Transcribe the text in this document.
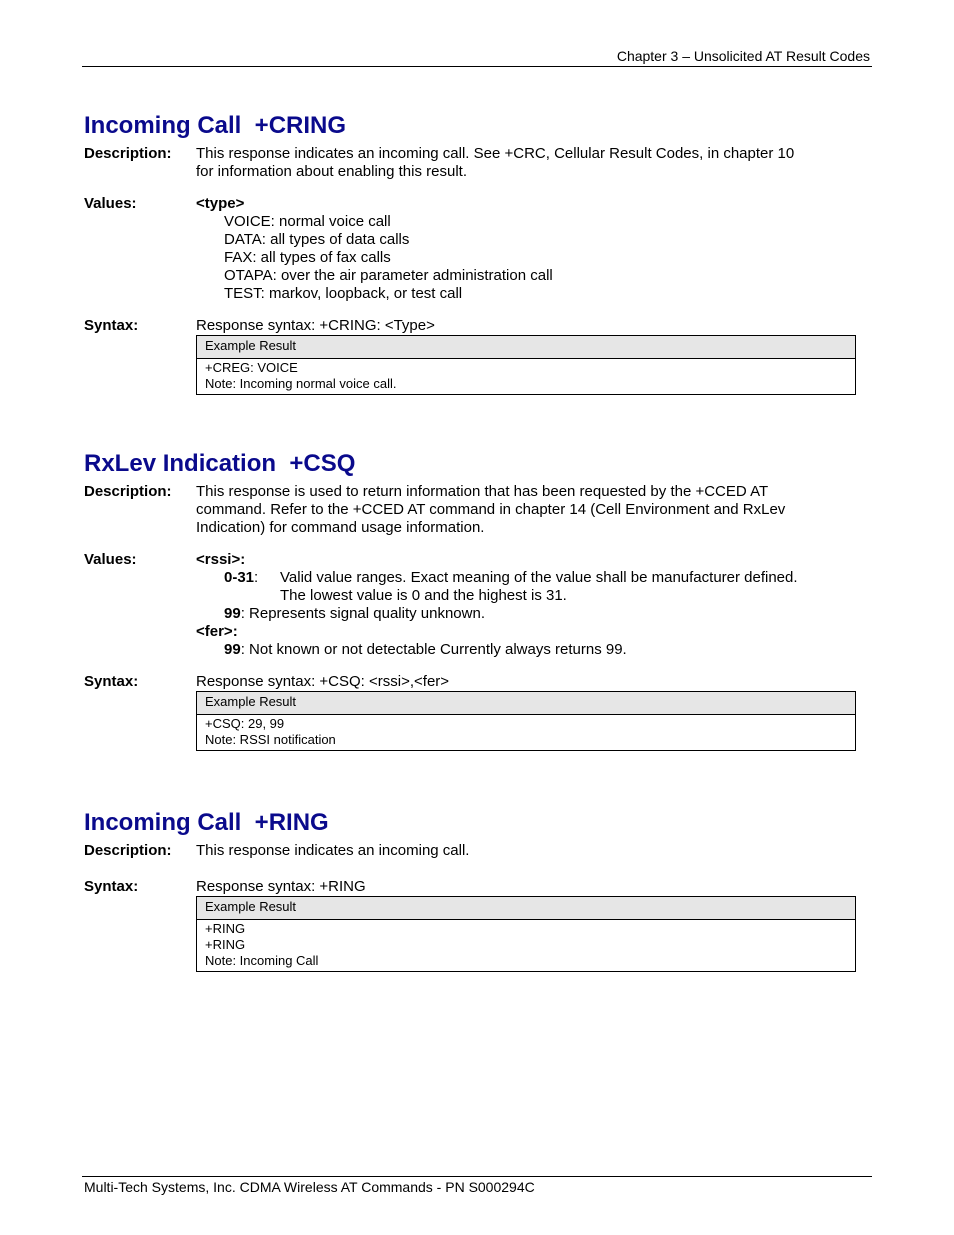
Chapter 3 – Unsolicited AT Result Codes
Incoming Call  +CRING
Description: This response indicates an incoming call. See +CRC, Cellular Result Codes, in chapter 10
for information about enabling this result.
Values:	<type>
VOICE: normal voice call
DATA: all types of data calls
FAX: all types of fax calls
OTAPA: over the air parameter administration call
TEST: markov, loopback, or test call
Syntax:	Response syntax: +CRING: <Type>
Example Result

+CREG: VOICE
Note: Incoming normal voice call.
RxLev Indication  +CSQ
Description: This response is used to return information that has been requested by the +CCED AT
command. Refer to the +CCED AT command in chapter 14 (Cell Environment and RxLev
Indication) for command usage information.
Values:	<rssi>:
0-31:	Valid value ranges. Exact meaning of the value shall be manufacturer defined.
The lowest value is 0 and the highest is 31.
99: Represents signal quality unknown.
<fer>:
99: Not known or not detectable Currently always returns 99.
Syntax:	Response syntax: +CSQ: <rssi>,<fer>
Example Result

+CSQ: 29, 99
Note: RSSI notification
Incoming Call  +RING
Description: This response indicates an incoming call.
Syntax:	Response syntax: +RING
Example Result

+RING
+RING
Note: Incoming Call
Multi-Tech Systems, Inc. CDMA Wireless AT Commands - PN S000294C
